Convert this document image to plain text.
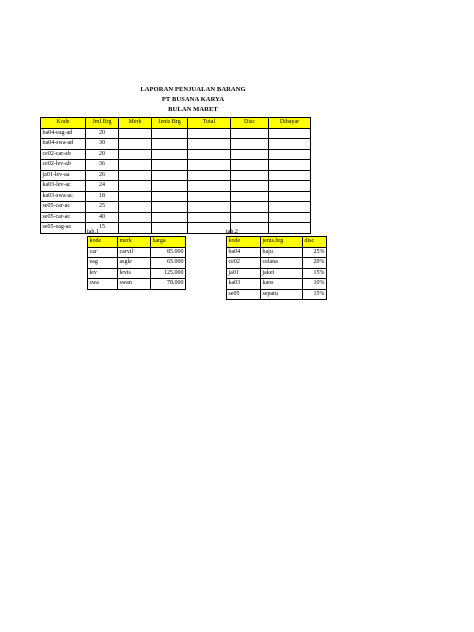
LAPORAN PENJUALAN BARANG
PT BUSANA KARYA
BULAN MARET
Kode	Jml Brg	Merk	Jenis Brg	Total	Disc	Dibayar
ba04-eag-ad	20					
ba04-swa-ad	30					
ce02-car-ab	20					
ce02-lev-ab	36					
ja01-lev-aa	26					
ka03-lev-ac	24					
ka03-swa-ac	18					
se05-car-ac	25					
se05-car-ac	40					
se05-eag-ac	15					
tab.1
kode	merk	harga
car	carvil	85.000
eag	asgle	65.000
lev	levis	125.000
swa	swan	78.000
tab.2
kode	jenis.brg	disc
ba04	baju	25%
ce02	celana	20%
ja01	jaket	15%
ka03	kaos	10%
se05	sepatu	15%
